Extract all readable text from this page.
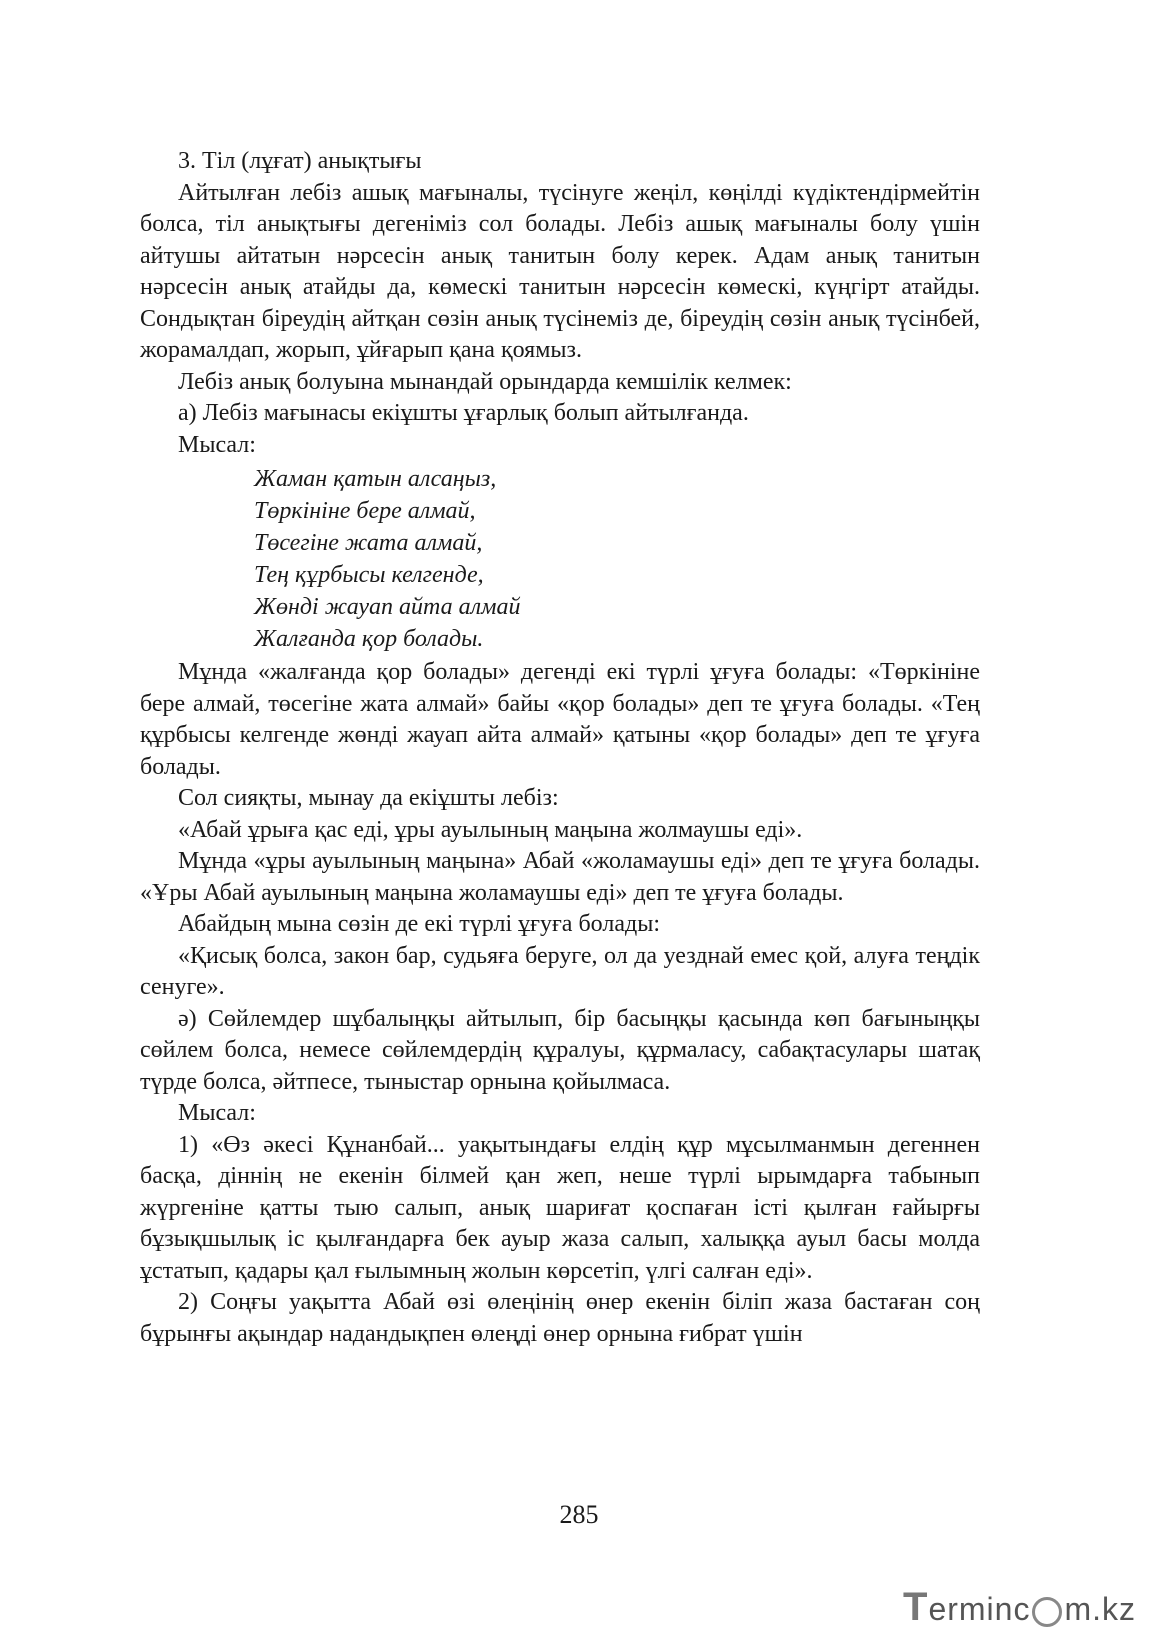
3. Тіл (лұғат) анықтығы

Айтылған лебіз ашық мағыналы, түсінуге жеңіл, көңілді күдіктендірмейтін болса, тіл анықтығы дегеніміз сол болады. Лебіз ашық мағыналы болу үшін айтушы айтатын нәрсесін анық танитын болу керек. Адам анық танитын нәрсесін анық атайды да, көмескі танитын нәрсесін көмескі, күңгірт атайды. Сондықтан біреудің айтқан сөзін анық түсінеміз де, біреудің сөзін анық түсінбей, жорамалдап, жорып, ұйғарып қана қоямыз.

Лебіз анық болуына мынандай орындарда кемшілік келмек:

а) Лебіз мағынасы екіұшты ұғарлық болып айтылғанда.

Мысал:

Жаман қатын алсаңыз,
Төркініне бере алмай,
Төсегіне жата алмай,
Тең құрбысы келгенде,
Жөнді жауап айта алмай
Жалғанда қор болады.

Мұнда «жалғанда қор болады» дегенді екі түрлі ұғуға болады: «Төркініне бере алмай, төсегіне жата алмай» байы «қор болады» деп те ұғуға болады. «Тең құрбысы келгенде жөнді жауап айта алмай» қатыны «қор болады» деп те ұғуға болады.

Сол сияқты, мынау да екіұшты лебіз:

«Абай ұрыға қас еді, ұры ауылының маңына жолмаушы еді».

Мұнда «ұры ауылының маңына» Абай «жоламаушы еді» деп те ұғуға болады. «Ұры Абай ауылының маңына жоламаушы еді» деп те ұғуға болады.

Абайдың мына сөзін де екі түрлі ұғуға болады:

«Қисық болса, закон бар, судьяға беруге, ол да уезднай емес қой, алуға теңдік сенуге».

ә) Сөйлемдер шұбалыңқы айтылып, бір басыңқы қасында көп бағыныңқы сөйлем болса, немесе сөйлемдердің құралуы, құрмаласу, сабақтасулары шатақ түрде болса, әйтпесе, тыныстар орнына қойылмаса.

Мысал:

1) «Өз әкесі Құнанбай... уақытындағы елдің құр мұсылманмын дегеннен басқа, діннің не екенін білмей қан жеп, неше түрлі ырымдарға табынып жүргеніне қатты тыю салып, анық шариғат қоспаған істі қылған ғайырғы бұзықшылық іс қылғандарға бек ауыр жаза салып, халыққа ауыл басы молда ұстатып, қадары қал ғылымның жолын көрсетіп, үлгі салған еді».

2) Соңғы уақытта Абай өзі өлеңінің өнер екенін біліп жаза бастаған соң бұрынғы ақындар надандықпен өлеңді өнер орнына ғибрат үшін

285
Terminc m.kz
